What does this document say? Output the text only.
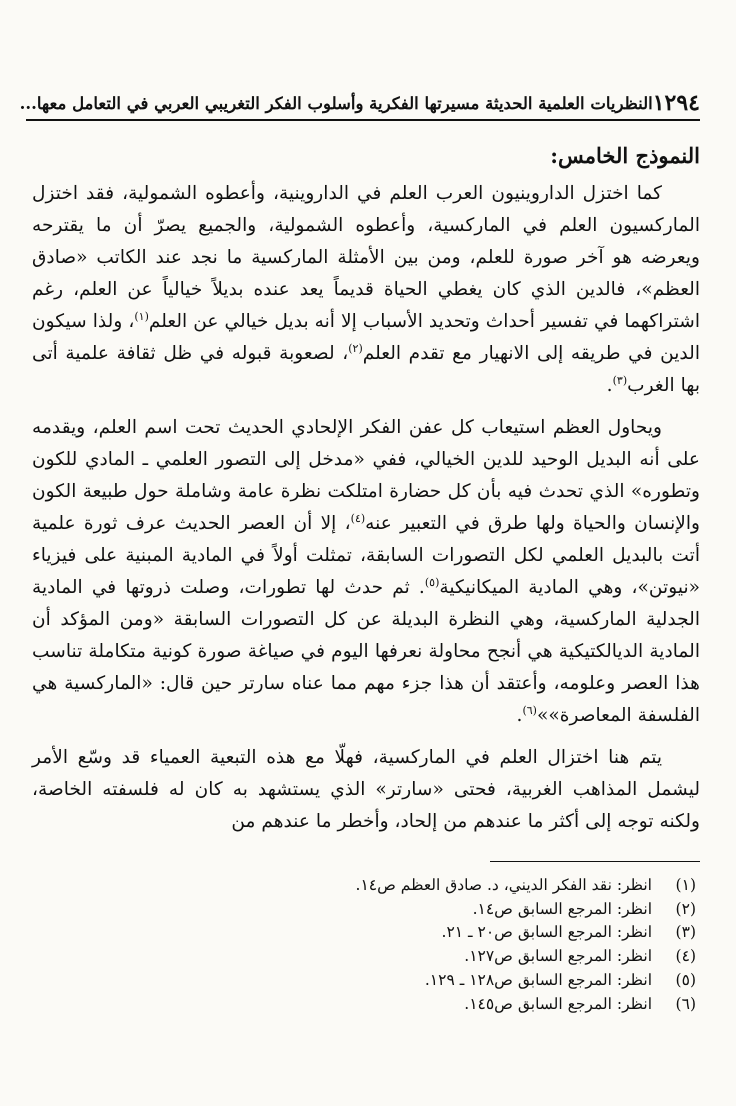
١٢٩٤
النظريات العلمية الحديثة مسيرتها الفكرية وأسلوب الفكر التغريبي العربي في التعامل معها...
النموذج الخامس:

كما اختزل الداروينيون العرب العلم في الداروينية، وأعطوه الشمولية، فقد اختزل الماركسيون العلم في الماركسية، وأعطوه الشمولية، والجميع يصرّ أن ما يقترحه ويعرضه هو آخر صورة للعلم، ومن بين الأمثلة الماركسية ما نجد عند الكاتب «صادق العظم»، فالدين الذي كان يغطي الحياة قديماً يعد عنده بديلاً خيالياً عن العلم، رغم اشتراكهما في تفسير أحداث وتحديد الأسباب إلا أنه بديل خيالي عن العلم$^{(١)}$، ولذا سيكون الدين في طريقه إلى الانهيار مع تقدم العلم$^{(٢)}$، لصعوبة قبوله في ظل ثقافة علمية أتى بها الغرب$^{(٣)}$.

ويحاول العظم استيعاب كل عفن الفكر الإلحادي الحديث تحت اسم العلم، ويقدمه على أنه البديل الوحيد للدين الخيالي، ففي «مدخل إلى التصور العلمي ـ المادي للكون وتطوره» الذي تحدث فيه بأن كل حضارة امتلكت نظرة عامة وشاملة حول طبيعة الكون والإنسان والحياة ولها طرق في التعبير عنه$^{(٤)}$، إلا أن العصر الحديث عرف ثورة علمية أتت بالبديل العلمي لكل التصورات السابقة، تمثلت أولاً في المادية المبنية على فيزياء «نيوتن»، وهي المادية الميكانيكية$^{(٥)}$. ثم حدث لها تطورات، وصلت ذروتها في المادية الجدلية الماركسية، وهي النظرة البديلة عن كل التصورات السابقة «ومن المؤكد أن المادية الديالكتيكية هي أنجح محاولة نعرفها اليوم في صياغة صورة كونية متكاملة تناسب هذا العصر وعلومه، وأعتقد أن هذا جزء مهم مما عناه سارتر حين قال: «الماركسية هي الفلسفة المعاصرة»»$^{(٦)}$.

يتم هنا اختزال العلم في الماركسية، فهلّا مع هذه التبعية العمياء قد وسّع الأمر ليشمل المذاهب الغربية، فحتى «سارتر» الذي يستشهد به كان له فلسفته الخاصة، ولكنه توجه إلى أكثر ما عندهم من إلحاد، وأخطر ما عندهم من

(١)
انظر: نقد الفكر الديني، د. صادق العظم ص١٤.
(٢)
انظر: المرجع السابق ص١٤.
(٣)
انظر: المرجع السابق ص٢٠ ـ ٢١.
(٤)
انظر: المرجع السابق ص١٢٧.
(٥)
انظر: المرجع السابق ص١٢٨ ـ ١٢٩.
(٦)
انظر: المرجع السابق ص١٤٥.
